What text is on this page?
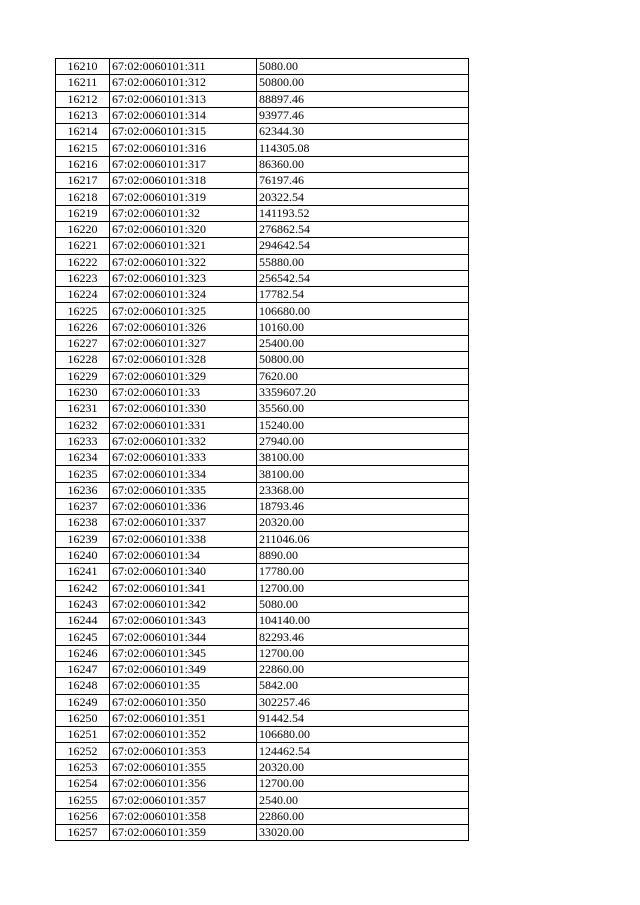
16210	67:02:0060101:311	5080.00
16211	67:02:0060101:312	50800.00
16212	67:02:0060101:313	88897.46
16213	67:02:0060101:314	93977.46
16214	67:02:0060101:315	62344.30
16215	67:02:0060101:316	114305.08
16216	67:02:0060101:317	86360.00
16217	67:02:0060101:318	76197.46
16218	67:02:0060101:319	20322.54
16219	67:02:0060101:32	141193.52
16220	67:02:0060101:320	276862.54
16221	67:02:0060101:321	294642.54
16222	67:02:0060101:322	55880.00
16223	67:02:0060101:323	256542.54
16224	67:02:0060101:324	17782.54
16225	67:02:0060101:325	106680.00
16226	67:02:0060101:326	10160.00
16227	67:02:0060101:327	25400.00
16228	67:02:0060101:328	50800.00
16229	67:02:0060101:329	7620.00
16230	67:02:0060101:33	3359607.20
16231	67:02:0060101:330	35560.00
16232	67:02:0060101:331	15240.00
16233	67:02:0060101:332	27940.00
16234	67:02:0060101:333	38100.00
16235	67:02:0060101:334	38100.00
16236	67:02:0060101:335	23368.00
16237	67:02:0060101:336	18793.46
16238	67:02:0060101:337	20320.00
16239	67:02:0060101:338	211046.06
16240	67:02:0060101:34	8890.00
16241	67:02:0060101:340	17780.00
16242	67:02:0060101:341	12700.00
16243	67:02:0060101:342	5080.00
16244	67:02:0060101:343	104140.00
16245	67:02:0060101:344	82293.46
16246	67:02:0060101:345	12700.00
16247	67:02:0060101:349	22860.00
16248	67:02:0060101:35	5842.00
16249	67:02:0060101:350	302257.46
16250	67:02:0060101:351	91442.54
16251	67:02:0060101:352	106680.00
16252	67:02:0060101:353	124462.54
16253	67:02:0060101:355	20320.00
16254	67:02:0060101:356	12700.00
16255	67:02:0060101:357	2540.00
16256	67:02:0060101:358	22860.00
16257	67:02:0060101:359	33020.00
